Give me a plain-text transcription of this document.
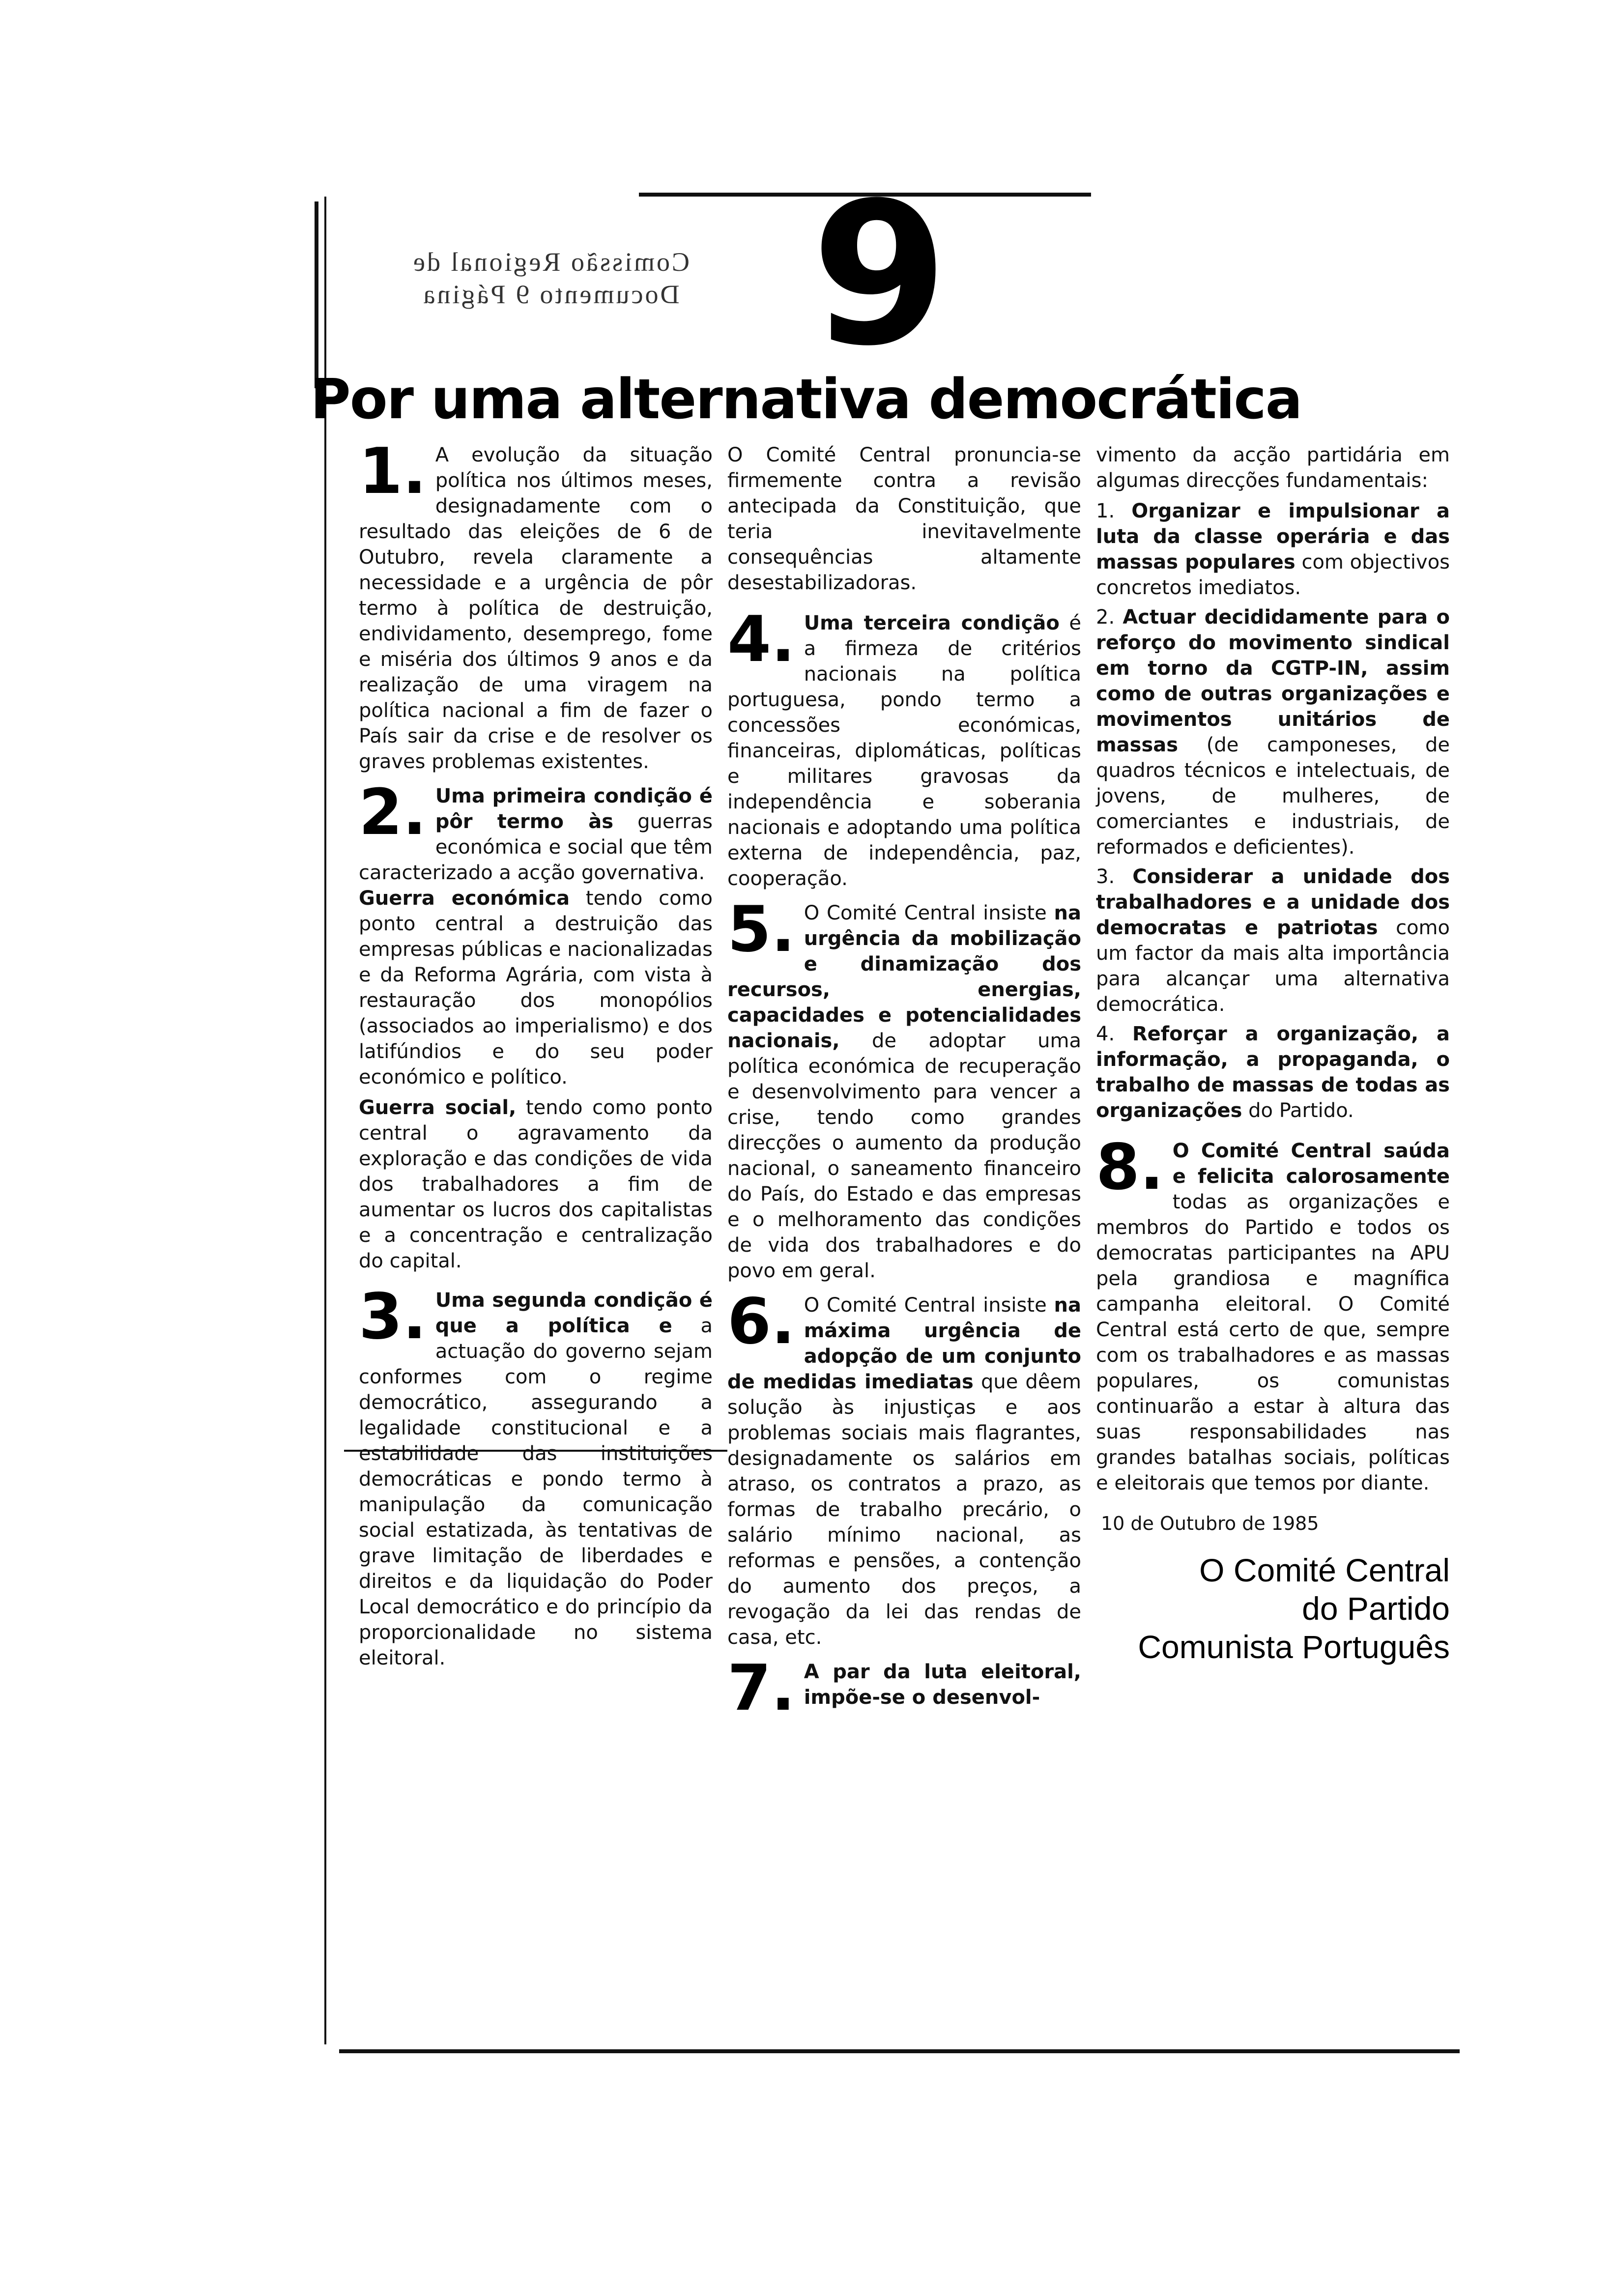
Comissão Regional de
Documento 9 Página 9
Por uma alternativa democrática
1. A evolução da situação política nos últimos meses, designadamente com o resultado das eleições de 6 de Outubro, revela claramente a necessidade e a urgência de pôr termo à política de destruição, endividamento, desemprego, fome e miséria dos últimos 9 anos e da realização de uma viragem na política nacional a fim de fazer o País sair da crise e de resolver os graves problemas existentes.
2. Uma primeira condição é pôr termo às guerras económica e social que têm caracterizado a acção governativa.
Guerra económica tendo como ponto central a destruição das empresas públicas e nacionalizadas e da Reforma Agrária, com vista à restauração dos monopólios (associados ao imperialismo) e dos latifúndios e do seu poder económico e político.
Guerra social, tendo como ponto central o agravamento da exploração e das condições de vida dos trabalhadores a fim de aumentar os lucros dos capitalistas e a concentração e centralização do capital.
3. Uma segunda condição é que a política e a actuação do governo sejam conformes com o regime democrático, assegurando a legalidade constitucional e a estabilidade das instituições democráticas e pondo termo à manipulação da comunicação social estatizada, às tentativas de grave limitação de liberdades e direitos e da liquidação do Poder Local democrático e do princípio da proporcionalidade no sistema eleitoral.
O Comité Central pronuncia-se firmemente contra a revisão antecipada da Constituição, que teria inevitavelmente consequências altamente desestabilizadoras.
4. Uma terceira condição é a firmeza de critérios nacionais na política portuguesa, pondo termo a concessões económicas, financeiras, diplomáticas, políticas e militares gravosas da independência e soberania nacionais e adoptando uma política externa de independência, paz, cooperação.
5. O Comité Central insiste na urgência da mobilização e dinamização dos recursos, energias, capacidades e potencialidades nacionais, de adoptar uma política económica de recuperação e desenvolvimento para vencer a crise, tendo como grandes direcções o aumento da produção nacional, o saneamento financeiro do País, do Estado e das empresas e o melhoramento das condições de vida dos trabalhadores e do povo em geral.
6. O Comité Central insiste na máxima urgência de adopção de um conjunto de medidas imediatas que dêem solução às injustiças e aos problemas sociais mais flagrantes, designadamente os salários em atraso, os contratos a prazo, as formas de trabalho precário, o salário mínimo nacional, as reformas e pensões, a contenção do aumento dos preços, a revogação da lei das rendas de casa, etc.
7. A par da luta eleitoral, impõe-se o desenvol-
vimento da acção partidária em algumas direcções fundamentais:
1. Organizar e impulsionar a luta da classe operária e das massas populares com objectivos concretos imediatos.
2. Actuar decididamente para o reforço do movimento sindical em torno da CGTP-IN, assim como de outras organizações e movimentos unitários de massas (de camponeses, de quadros técnicos e intelectuais, de jovens, de mulheres, de comerciantes e industriais, de reformados e deficientes).
3. Considerar a unidade dos trabalhadores e a unidade dos democratas e patriotas como um factor da mais alta importância para alcançar uma alternativa democrática.
4. Reforçar a organização, a informação, a propaganda, o trabalho de massas de todas as organizações do Partido.
8. O Comité Central saúda e felicita calorosamente todas as organizações e membros do Partido e todos os democratas participantes na APU pela grandiosa e magnífica campanha eleitoral. O Comité Central está certo de que, sempre com os trabalhadores e as massas populares, os comunistas continuarão a estar à altura das suas responsabilidades nas grandes batalhas sociais, políticas e eleitorais que temos por diante.
10 de Outubro de 1985
O Comité Central
do Partido
Comunista Português
